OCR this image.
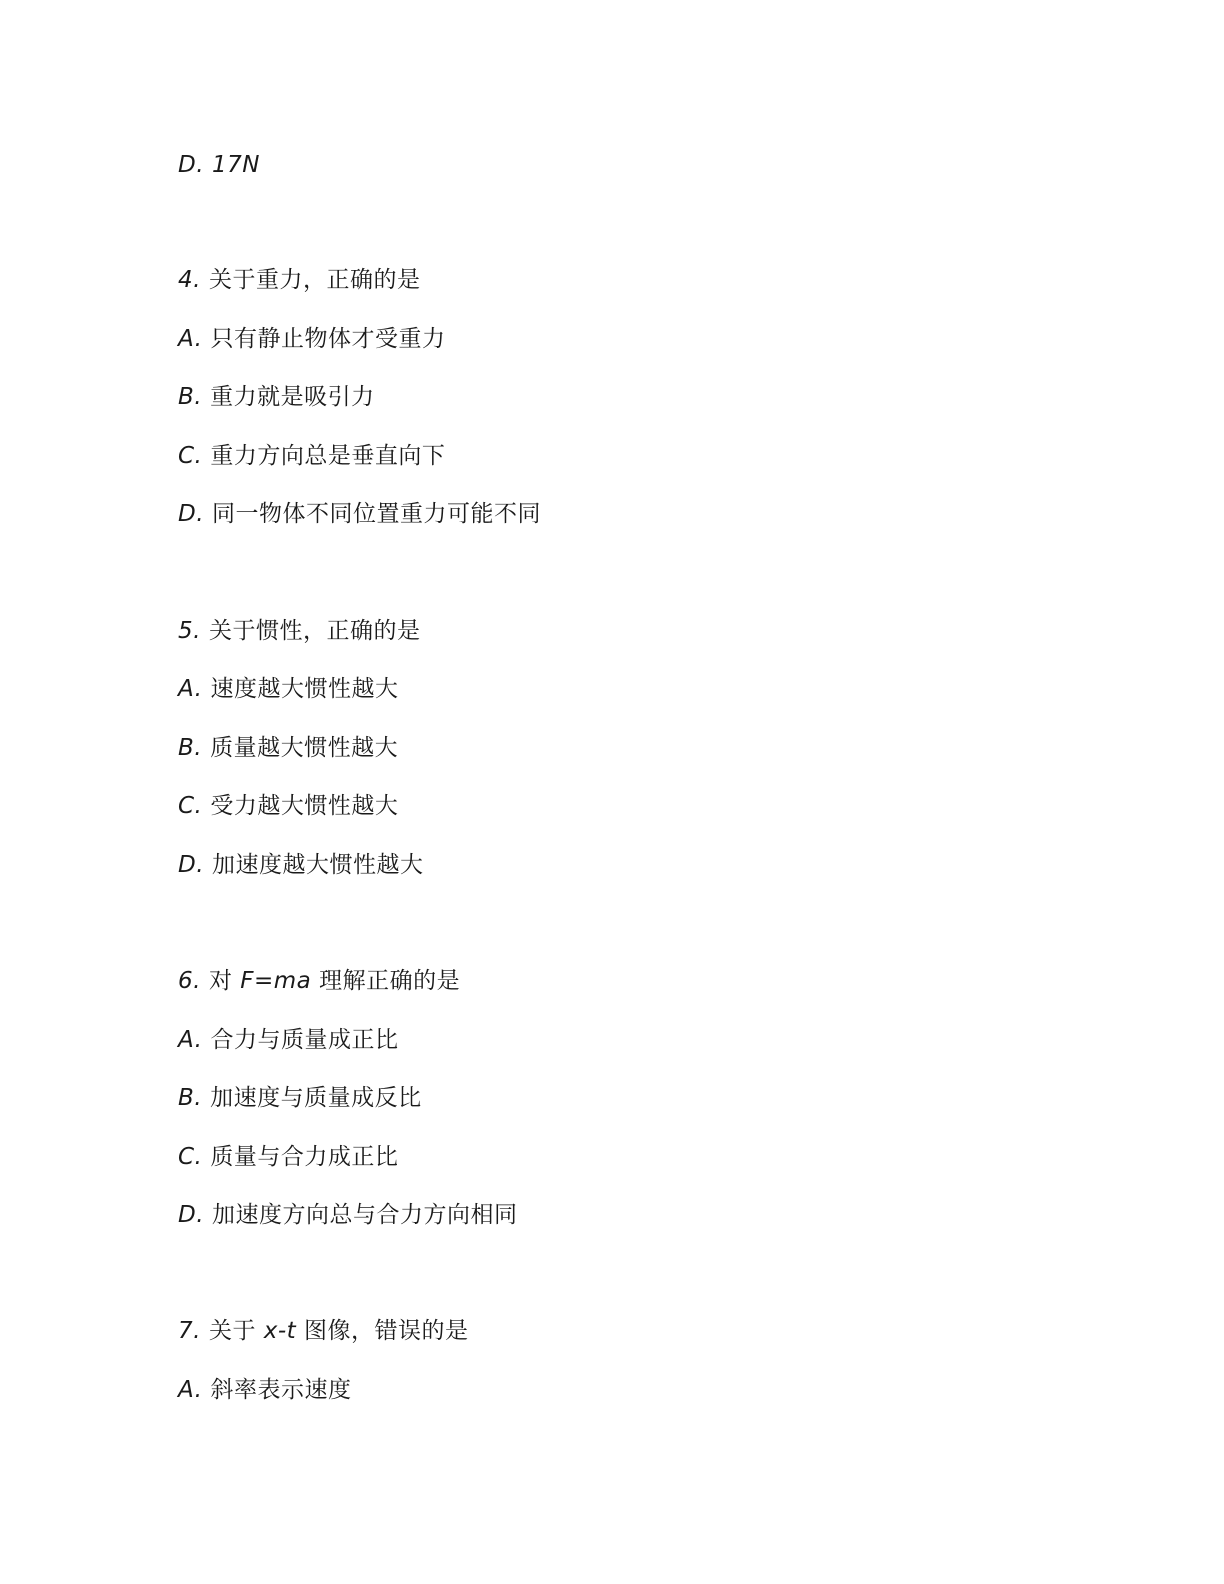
D. 17N
4. 关于重力，正确的是
A. 只有静止物体才受重力
B. 重力就是吸引力
C. 重力方向总是垂直向下
D. 同一物体不同位置重力可能不同
5. 关于惯性，正确的是
A. 速度越大惯性越大
B. 质量越大惯性越大
C. 受力越大惯性越大
D. 加速度越大惯性越大
6. 对 F=ma 理解正确的是
A. 合力与质量成正比
B. 加速度与质量成反比
C. 质量与合力成正比
D. 加速度方向总与合力方向相同
7. 关于 x-t 图像，错误的是
A. 斜率表示速度
